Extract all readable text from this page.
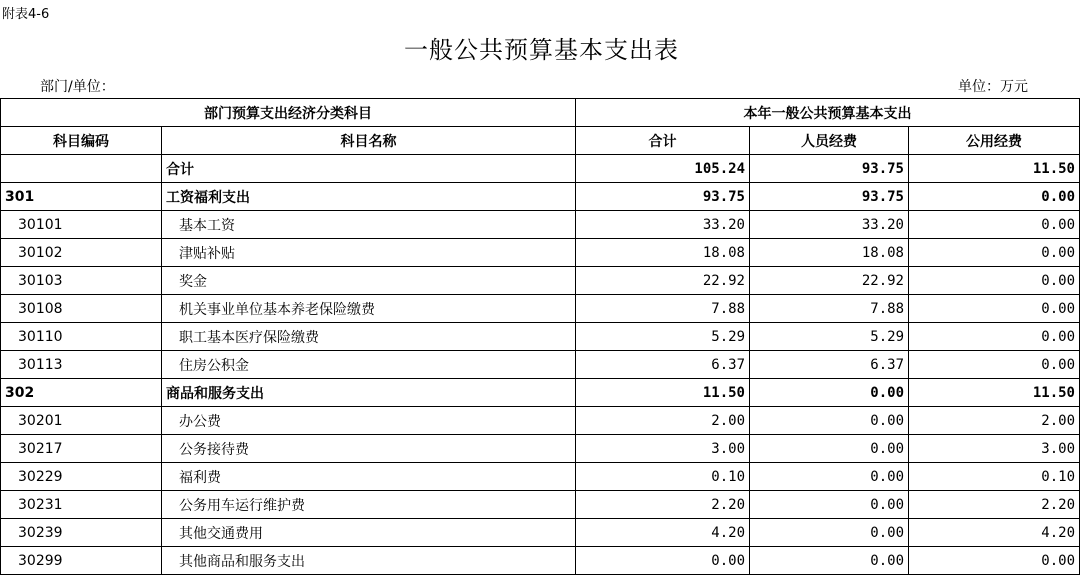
附表4-6
一般公共预算基本支出表
部门/单位：	单位：万元
部门预算支出经济分类科目		本年一般公共预算基本支出		
科目编码	科目名称	合计	人员经费	公用经费
	合计	105.24	93.75	11.50
301	工资福利支出	93.75	93.75	0.00
30101	基本工资	33.20	33.20	0.00
30102	津贴补贴	18.08	18.08	0.00
30103	奖金	22.92	22.92	0.00
30108	机关事业单位基本养老保险缴费	7.88	7.88	0.00
30110	职工基本医疗保险缴费	5.29	5.29	0.00
30113	住房公积金	6.37	6.37	0.00
302	商品和服务支出	11.50	0.00	11.50
30201	办公费	2.00	0.00	2.00
30217	公务接待费	3.00	0.00	3.00
30229	福利费	0.10	0.00	0.10
30231	公务用车运行维护费	2.20	0.00	2.20
30239	其他交通费用	4.20	0.00	4.20
30299	其他商品和服务支出	0.00	0.00	0.00
